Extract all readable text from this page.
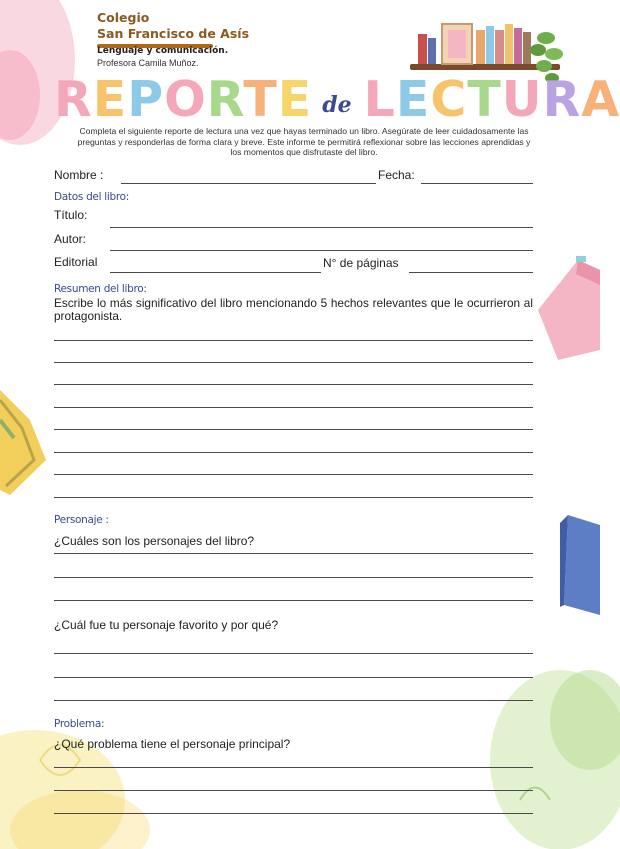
Colegio
San Francisco de Asís
Lenguaje y comunicación.
Profesora Camila Muñoz.
REPORTE de LECTURA
Completa el siguiente reporte de lectura una vez que hayas terminado un libro. Asegúrate de leer cuidadosamente las preguntas y responderlas de forma clara y breve. Este informe te permitirá reflexionar sobre las lecciones aprendidas y los momentos que disfrutaste del libro.
Nombre :	Fecha:
Datos del libro:
Título:
Autor:
Editorial	N° de páginas
Resumen del libro:
Escribe lo más significativo del libro mencionando 5 hechos relevantes que le ocurrieron al protagonista.
Personaje :
¿Cuáles son los personajes del libro?
¿Cuál fue tu personaje favorito y por qué?
Problema:
¿Qué problema tiene el personaje principal?
